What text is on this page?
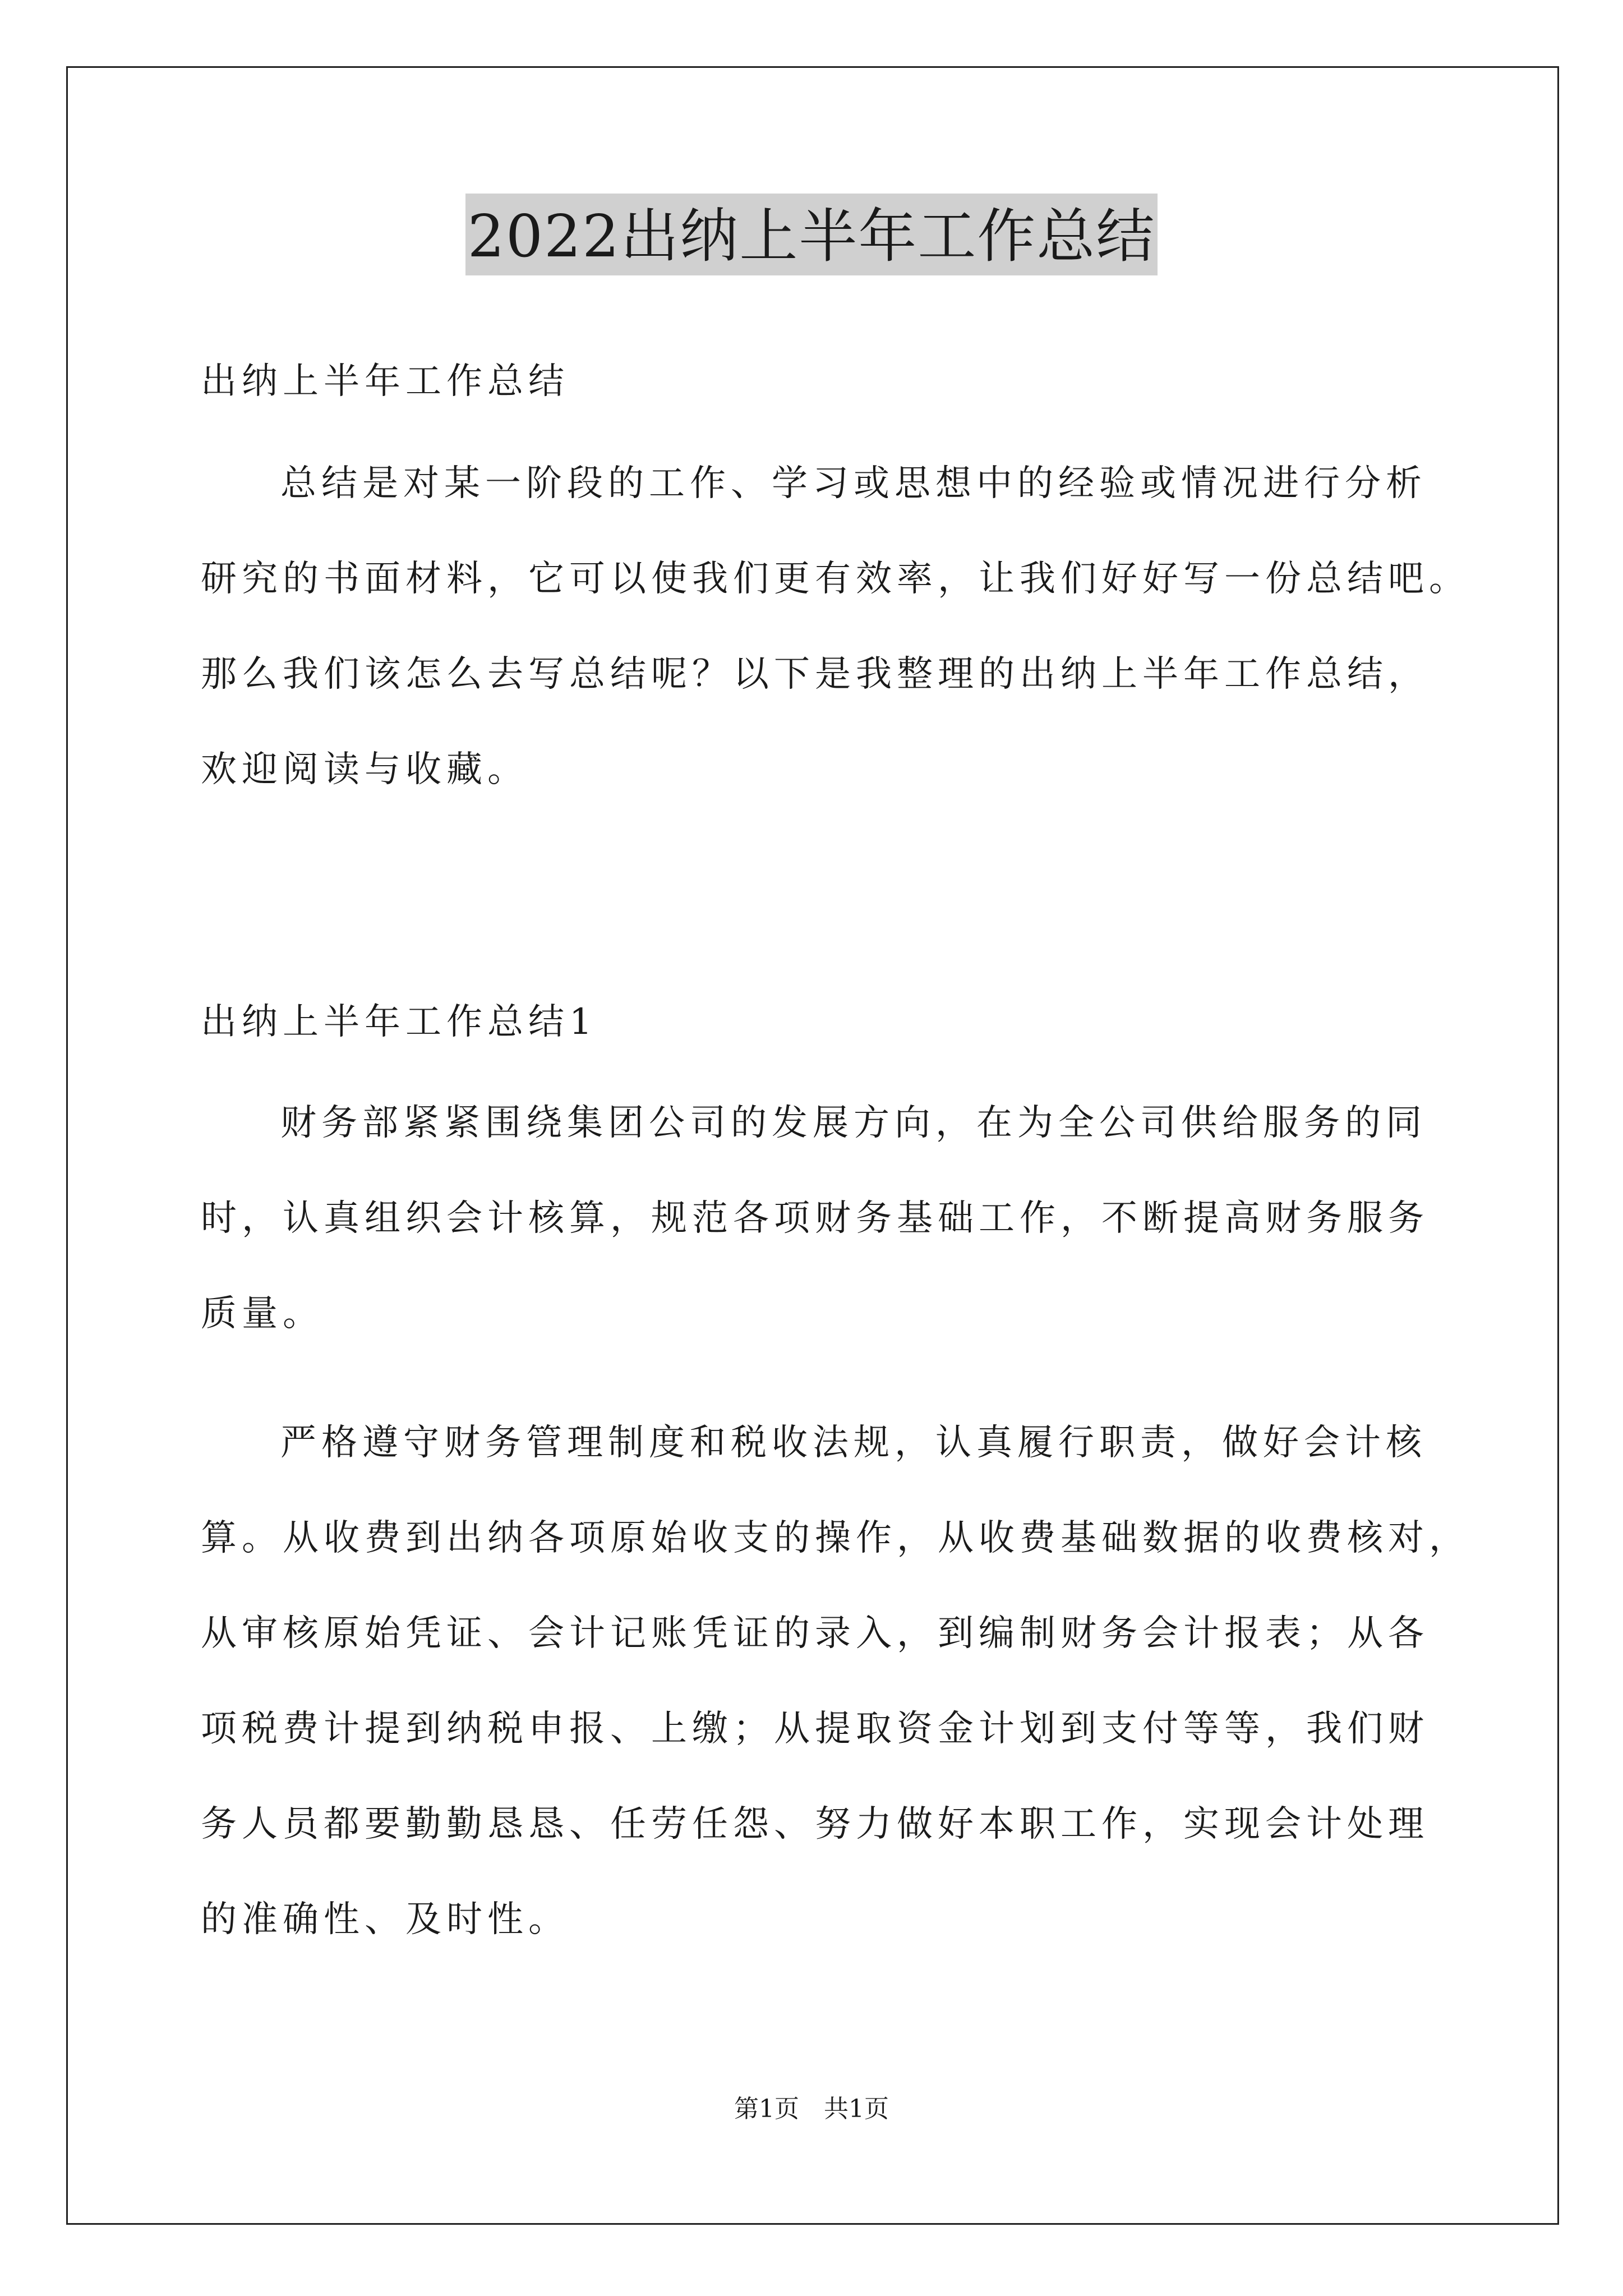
2022出纳上半年工作总结
出纳上半年工作总结
总结是对某一阶段的工作、学习或思想中的经验或情况进行分析
研究的书面材料，它可以使我们更有效率，让我们好好写一份总结吧。
那么我们该怎么去写总结呢？以下是我整理的出纳上半年工作总结，
欢迎阅读与收藏。
出纳上半年工作总结1
财务部紧紧围绕集团公司的发展方向，在为全公司供给服务的同
时，认真组织会计核算，规范各项财务基础工作，不断提高财务服务
质量。
严格遵守财务管理制度和税收法规，认真履行职责，做好会计核
算。从收费到出纳各项原始收支的操作，从收费基础数据的收费核对，
从审核原始凭证、会计记账凭证的录入，到编制财务会计报表；从各
项税费计提到纳税申报、上缴；从提取资金计划到支付等等，我们财
务人员都要勤勤恳恳、任劳任怨、努力做好本职工作，实现会计处理
的准确性、及时性。
第1页　共1页
